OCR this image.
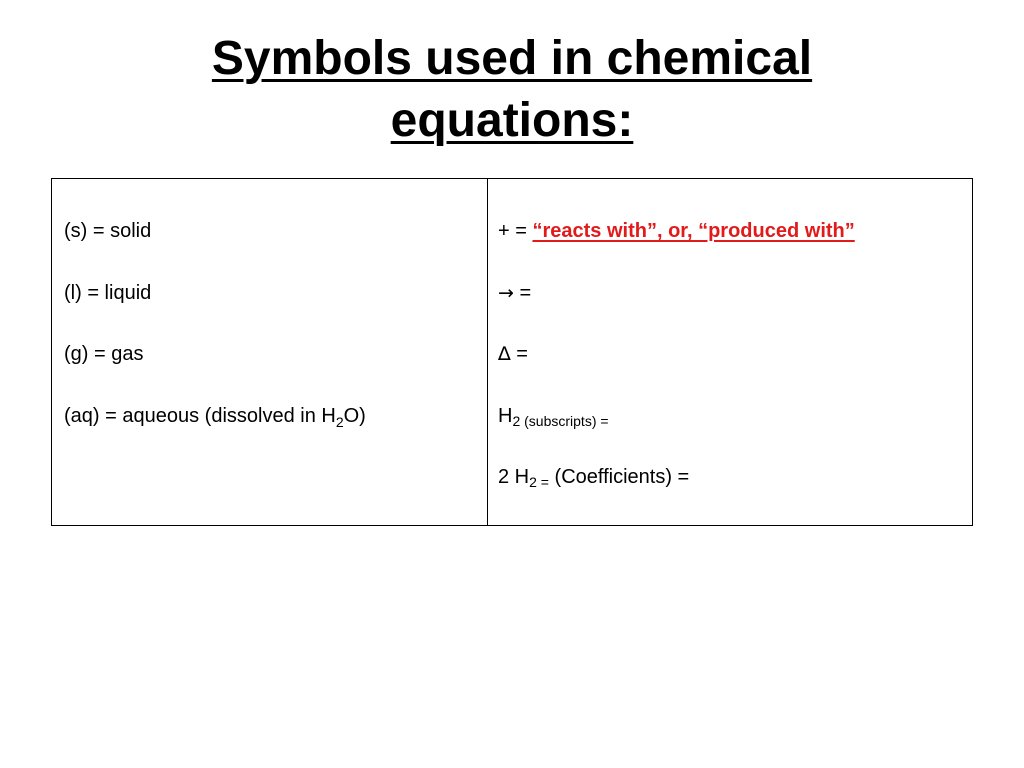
Symbols used in chemical
equations:
(s) = solid
(l) = liquid
(g) = gas
(aq) = aqueous (dissolved in $H_2O$)
+ = “reacts with”, or, “produced with”
→ =
∆ =
$H_2$ $_{(subscripts) =}$
2 $H_{2 =}$ (Coefficients) =
